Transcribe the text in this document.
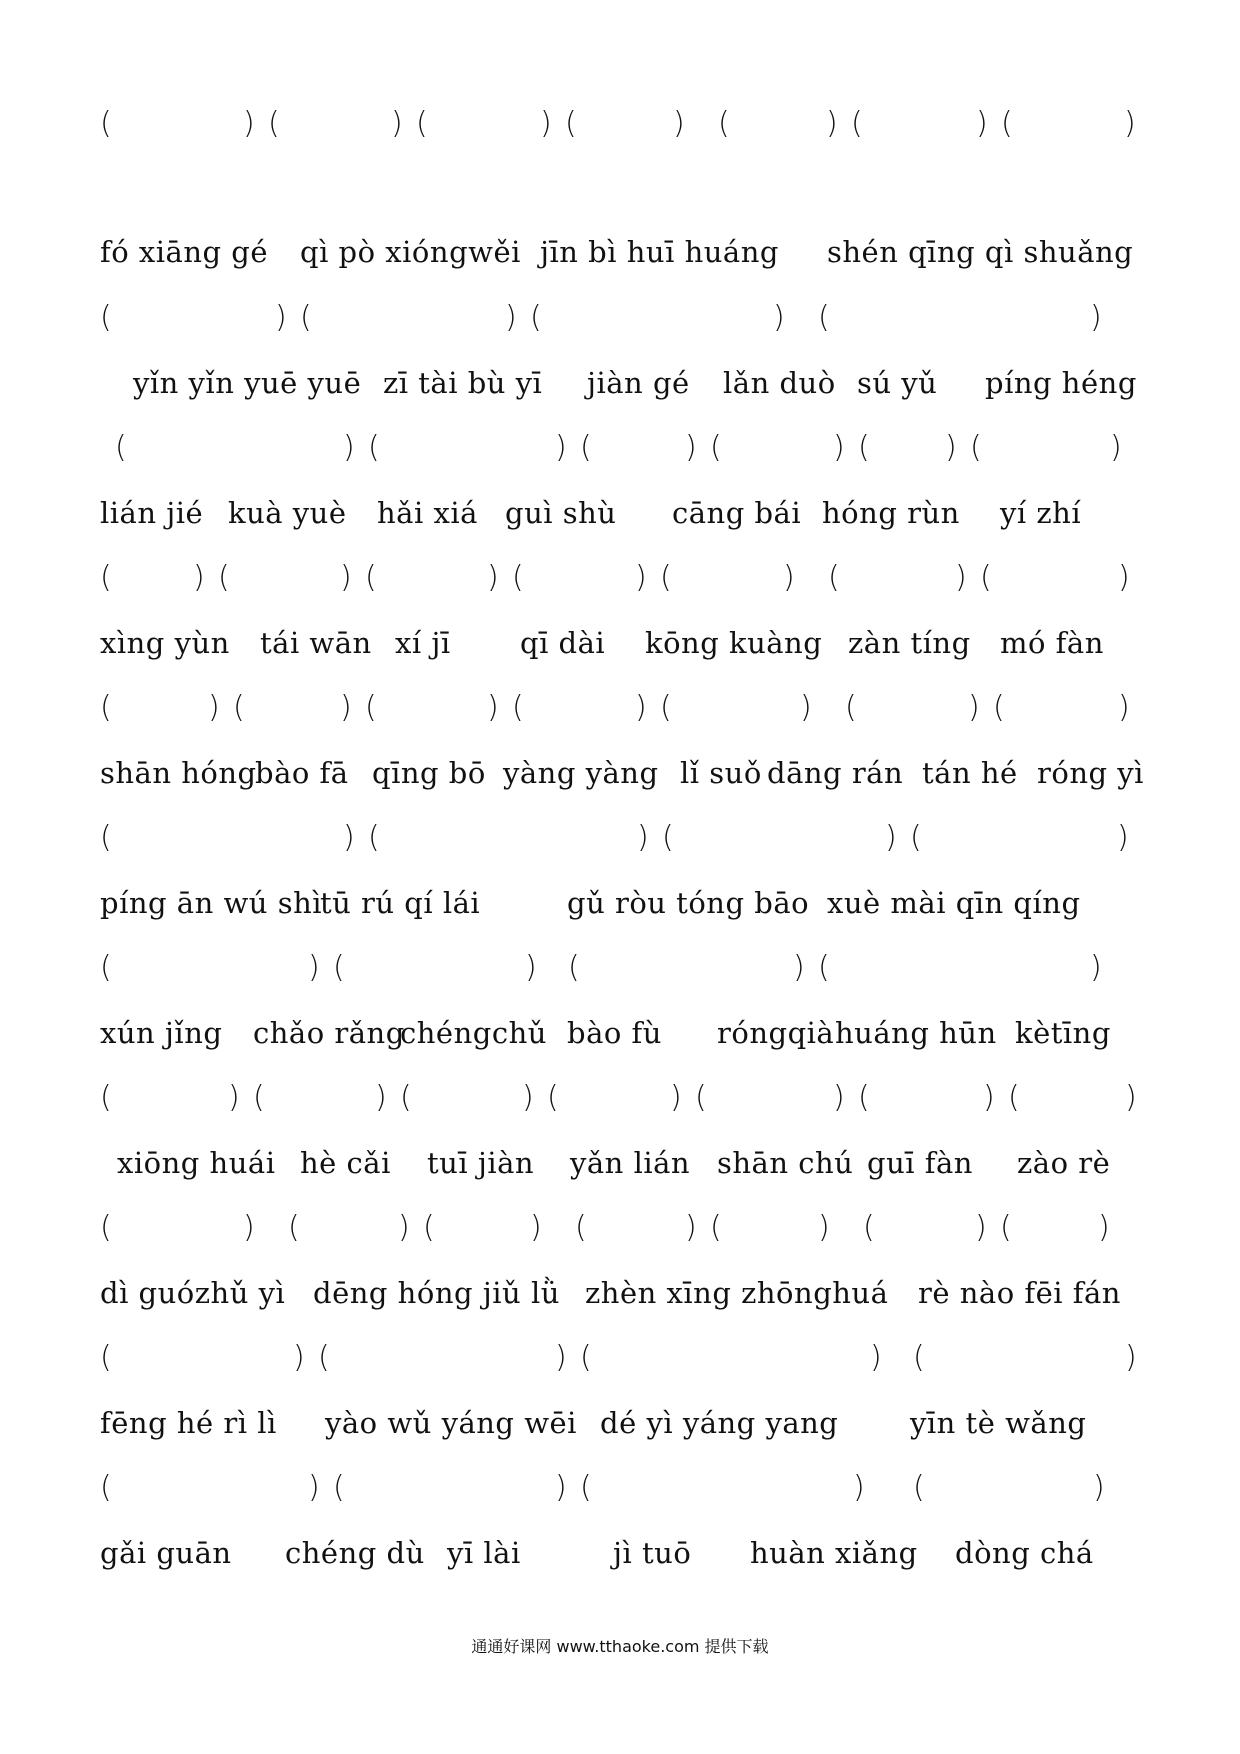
(	) (	) (	) (	) (	) (	) (	)
fó xiāng gé qì pò xióngwěi jīn bì huī huáng shén qīng qì shuǎng
(	) (	) (	) (	)
yǐn yǐn yuē yuē zī tài bù yī jiàn gé lǎn duò sú yǔ píng héng
(	) (	) (	) (	) (	) (	)
lián jié kuà yuè hǎi xiá guì shù cāng bái hóng rùn yí zhí
(	) (	) (	) (	) (	) (	) (	)
xìng yùn tái wān xí jī qī dài kōng kuàng zàn tíng mó fàn
(	) (	) (	) (	) (	) (	) (	)
shān hóng
bào fā qīng bō yàng yàng lǐ suǒ dāng rán tán hé róng yì
(	) (	) (	) (	)
píng ān wú shì
tū rú qí lái	gǔ ròu tóng bāo xuè mài qīn qíng
(	) (	) (	) (	)
xún jǐng chǎo rǎng
chéngchǔ bào fù róngqià huáng hūn kètīng
(	) (	) (	) (	) (	) (	) (	)
xiōng huái hè cǎi tuī jiàn yǎn lián shān chú guī fàn zào rè
(	) (	) (	) (	) (	) (	) (	)
dì guózhǔ yì dēng hóng jiǔ lǜ zhèn xīng zhōnghuá rè nào fēi fán
(	) (	) (	) (	)
fēng hé rì lì yào wǔ yáng wēi dé yì yáng yang yīn tè wǎng
(	) (	) (	) (	)
gǎi guān chéng dù yī lài	jì tuō huàn xiǎng dòng chá
通通好课网 www.tthaoke.com 提供下载
